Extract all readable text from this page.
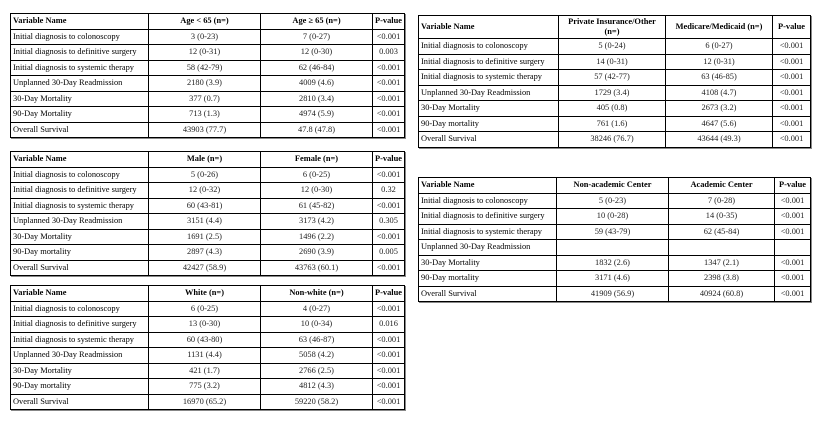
Variable Name	Age < 65 (n=)	Age ≥ 65 (n=)	P-value
Initial diagnosis to colonoscopy	3 (0-23)	7 (0-27)	<0.001
Initial diagnosis to definitive surgery	12 (0-31)	12 (0-30)	0.003
Initial diagnosis to systemic therapy	58 (42-79)	62 (46-84)	<0.001
Unplanned 30-Day Readmission	2180 (3.9)	4009 (4.6)	<0.001
30-Day Mortality	377 (0.7)	2810 (3.4)	<0.001
90-Day Mortality	713 (1.3)	4974 (5.9)	<0.001
Overall Survival	43903 (77.7)	47.8 (47.8)	<0.001
Variable Name	Male (n=)	Female (n=)	P-value
Initial diagnosis to colonoscopy	5 (0-26)	6 (0-25)	<0.001
Initial diagnosis to definitive surgery	12 (0-32)	12 (0-30)	0.32
Initial diagnosis to systemic therapy	60 (43-81)	61 (45-82)	<0.001
Unplanned 30-Day Readmission	3151 (4.4)	3173 (4.2)	0.305
30-Day Mortality	1691 (2.5)	1496 (2.2)	<0.001
90-Day mortality	2897 (4.3)	2690 (3.9)	0.005
Overall Survival	42427 (58.9)	43763 (60.1)	<0.001
Variable Name	White (n=)	Non-white (n=)	P-value
Initial diagnosis to colonoscopy	6 (0-25)	4 (0-27)	<0.001
Initial diagnosis to definitive surgery	13 (0-30)	10 (0-34)	0.016
Initial diagnosis to systemic therapy	60 (43-80)	63 (46-87)	<0.001
Unplanned 30-Day Readmission	1131 (4.4)	5058 (4.2)	<0.001
30-Day Mortality	421 (1.7)	2766 (2.5)	<0.001
90-Day mortality	775 (3.2)	4812 (4.3)	<0.001
Overall Survival	16970 (65.2)	59220 (58.2)	<0.001
Variable Name	Private Insurance/Other (n=)	Medicare/Medicaid (n=)	P-value
Initial diagnosis to colonoscopy	5 (0-24)	6 (0-27)	<0.001
Initial diagnosis to definitive surgery	14 (0-31)	12 (0-31)	<0.001
Initial diagnosis to systemic therapy	57 (42-77)	63 (46-85)	<0.001
Unplanned 30-Day Readmission	1729 (3.4)	4108 (4.7)	<0.001
30-Day Mortality	405 (0.8)	2673 (3.2)	<0.001
90-Day mortality	761 (1.6)	4647 (5.6)	<0.001
Overall Survival	38246 (76.7)	43644 (49.3)	<0.001
Variable Name	Non-academic Center	Academic Center	P-value
Initial diagnosis to colonoscopy	5 (0-23)	7 (0-28)	<0.001
Initial diagnosis to definitive surgery	10 (0-28)	14 (0-35)	<0.001
Initial diagnosis to systemic therapy	59 (43-79)	62 (45-84)	<0.001
Unplanned 30-Day Readmission			
30-Day Mortality	1832 (2.6)	1347 (2.1)	<0.001
90-Day mortality	3171 (4.6)	2398 (3.8)	<0.001
Overall Survival	41909 (56.9)	40924 (60.8)	<0.001
